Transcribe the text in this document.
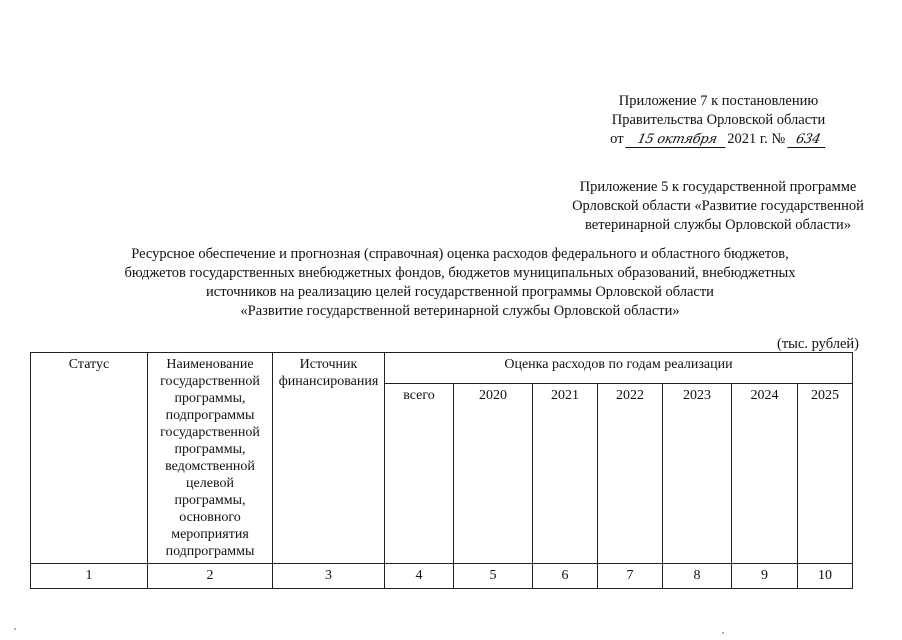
Приложение 7 к постановлению
Правительства Орловской области
от 15 октября 2021 г. № 634
Приложение 5 к государственной программе
Орловской области «Развитие государственной
ветеринарной службы Орловской области»
Ресурсное обеспечение и прогнозная (справочная) оценка расходов федерального и областного бюджетов,
бюджетов государственных внебюджетных фондов, бюджетов муниципальных образований, внебюджетных
источников на реализацию целей государственной программы Орловской области
«Развитие государственной ветеринарной службы Орловской области»
(тыс. рублей)
Статус	Наименование государственной программы, подпрограммы государственной программы, ведомственной целевой программы, основного мероприятия подпрограммы	Источник финансирования	Оценка расходов по годам реализации						
			всего	2020	2021	2022	2023	2024	2025
1	2	3	4	5	6	7	8	9	10
